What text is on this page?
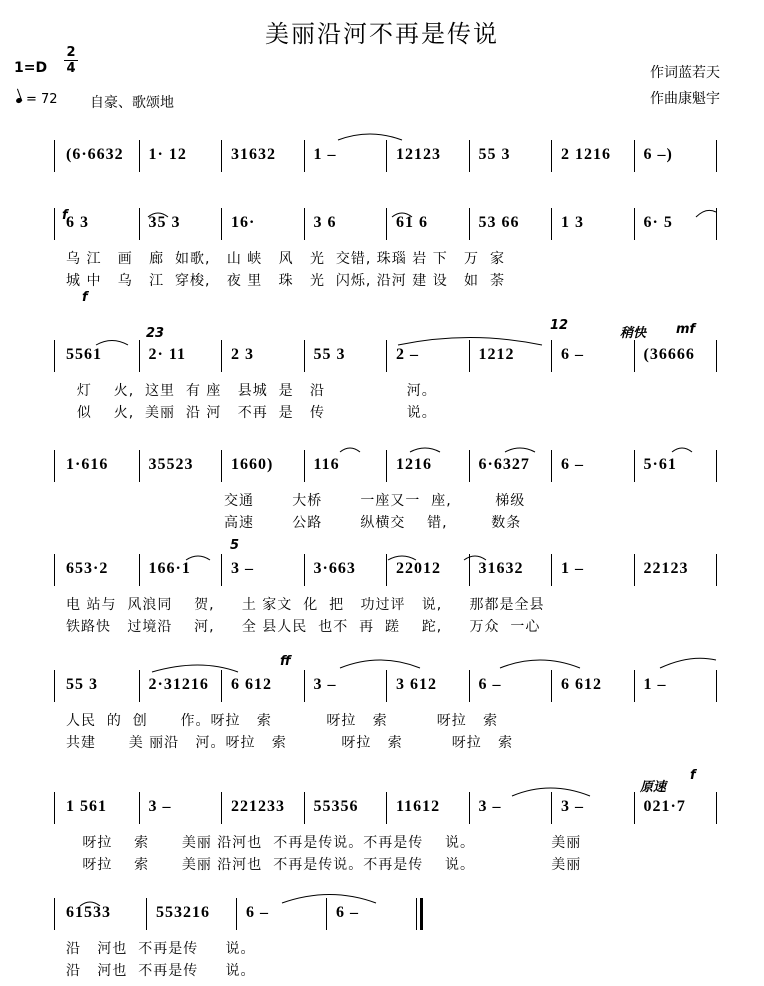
美丽沿河不再是传说
1=D
2
4
= 72 自豪、歌颂地
作词蓝若天
作曲康魁宇
(6·6632 1· 12	31632 1 –	12123 55 3	2 1216 6 –)
6 3	35 3	16·	3 6	61 6	53 66	1 3	6· 5
乌 江   画   廊  如歌,   山 峡   风   光  交错, 珠瑙 岩 下   万  家
城 中   乌   江  穿梭,   夜 里   珠   光  闪烁, 沿河 建 设   如  荼
f
f
5561	2· 11	2 3	55 3	2 –	1212	6 –	(36666
灯    火,  这里  有 座   县城  是   沿               河。
似    火,  美丽  沿 河   不再  是   传               说。
23
12
稍快 mf
1·616	35523 1660)	116	1216	6·6327 6 –	5·61
交通       大桥       一座又一  座,        梯级
高速       公路       纵横交    错,        数条
653·2	166·1	3 –	3·663	22012 31632 1 –	22123
电 站与  风浪同    贺,     土 家文  化  把   功过评   说,     那都是全县
铁路快   过境沿    河,     全 县人民  也不  再  蹉    跎,     万众  一心
5
55 3	2·31216 6 612	3 –	3 612	6 –	6 612	1 –
人民  的  创      作。呀拉   索          呀拉   索         呀拉   索
共建      美 丽沿   河。呀拉   索          呀拉   索         呀拉   索
ff
1 561	3 –	221233 55356 11612 3 –	3 –	021·7
呀拉    索      美丽 沿河也  不再是传说。不再是传    说。              美丽
呀拉    索      美丽 沿河也  不再是传说。不再是传    说。              美丽
原速
f
61533	553216 6 –	6 –
沿   河也  不再是传     说。
沿   河也  不再是传     说。
